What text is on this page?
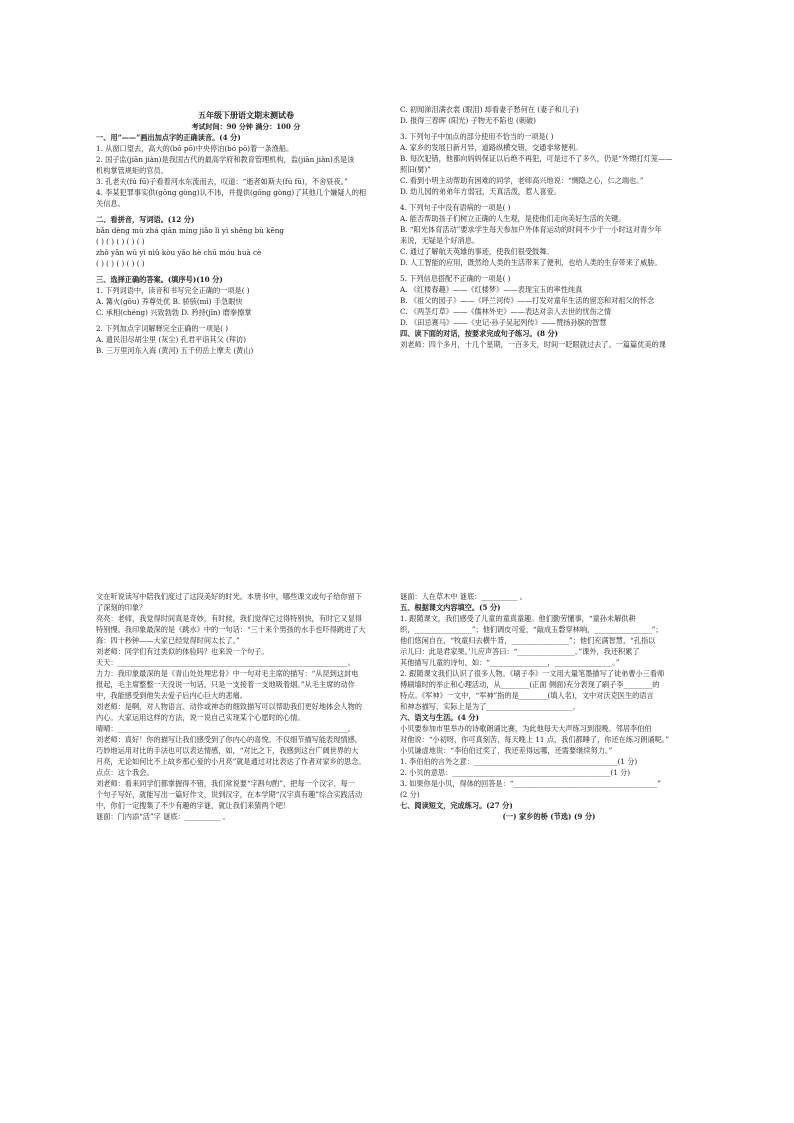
五年级下册语文期末测试卷

考试时间：90 分钟 满分：100 分

一、用“——”画出加点字的正确读音。(4 分)

1. 从窗口望去，高大的(bō pō)中央停泊(bó pō)着一条渔船。

2. 国子监(jiān jiàn)是我国古代的最高学府和教育管理机构，监(jiān jiàn)丞是该

机构掌管规矩的官员。

3. 孔老夫(fú fū)子看着河水东流而去，叹道：“逝者如斯夫(fú fū)，不舍昼夜。”

4. 李某犯罪事实供(gōng gòng)认不讳，并提供(gōng gòng)了其他几个嫌疑人的相

关信息。

二、看拼音，写词语。(12 分)

bǎn dèng mù zhá qiān míng jiǎo lì yì shēng bù kēng

( ) ( ) ( ) ( ) ( )

zhǒ yǎn wǔ yì niǔ kòu yǎo hè chū móu huà cè

( ) ( ) ( ) ( ) ( )

三、选择正确的答案。(填序号)(10 分)

1. 下列词语中，读音和书写完全正确的一项是( )

A. 篝火(gōu) 养尊处优 B. 骄骇(mì) 手急眼快

C. 承相(chéng) 兴致勃勃 D. 矜持(jīn) 磨拳擦掌

2. 下列加点字词解释完全正确的一项是( )

A. 遗民泪尽胡尘里 (灰尘) 孔君平诣其父 (拜访)

B. 三万里河东入海 (黄河) 五千仞岳上摩天 (黄山)

C. 初闻涕泪满衣裳 (眼泪) 却看妻子愁何在 (妻子和儿子)

D. 报得三春晖 (阳光) 子物无不陷也 (刺破)

3. 下列句子中加点的部分使用不恰当的一项是( )

A. 家乡的发展日新月异，道路纵横交错，交通非常便利。

B. 每次犯错，他都向妈妈保证以后绝不再犯，可是过不了多久，仍是“外甥打灯笼——

照旧(舅)”

C. 看到小明主动帮助有困难的同学，老师高兴地说：“恻隐之心，仁之端也。”

D. 幼儿园的弟弟年方弱冠，天真活泼，惹人喜爱。

4. 下列句子中没有语病的一项是( )

A. 能否帮助孩子们树立正确的人生观，是使他们走向美好生活的关键。

B. “阳光体育活动”要求学生每天参加户外体育运动的时间不少于一小时这对青少年

来说，无疑是个好消息。

C. 通过了解航天英雄的事迹，使我们很受鼓舞。

D. 人工智能的应用，既然给人类的生活带来了便利，也给人类的生存带来了威胁。

5. 下列信息搭配不正确的一项是( )

A. 《红楼春趣》——《红楼梦》——表现宝玉的率性纯真

B. 《祖父的园子》——《呼兰河传》——打发对童年生活的留恋和对祖父的怀念

C. 《两茎灯草》——《儒林外史》——表达对亲人去世的忧伤之情

D. 《田忌赛马》——《史记·孙子吴起列传》——赞扬孙膑的智慧

四、读下面的对话，按要求完成句子练习。(8 分)

刘老师：四个多月，十几个星期，一百多天，时间一眨眼就过去了。一篇篇优美的课

文在听说读写中陪我们度过了这段美好的时光。本册书中，哪些课文或句子给你留下

了深刻的印象？

亮亮：老师，我觉得时间真是奇妙，有时候，我们觉得它过得特别快，有时它又显得

特别慢。我印象最深的是《跳水》中的一句话：“三十来个男孩的水手也吓得跳进了大

海：四十秒钟——大家已经觉得时间太长了。”

刘老师：同学们有过类似的体验吗？也来说一个句子。

天天：________________________________________________________________。

力力：我印象最深的是《青山处处埋忠骨》中一句对毛主席的描写：“从昆到这封电

报起，毛主席整整一天没说一句话，只是一支接着一支地吸着烟。”从毛主席的动作

中，我能感受到他失去爱子后内心巨大的悲痛。

刘老师：是啊，对人物语言、动作或神态的细致描写可以帮助我们更好地体会人物的

内心。大家运用这样的方法，说一说自己实现某个心愿时的心情。

晴晴：________________________________________________________________。

刘老师：真好！你的描写让我们感受到了你内心的喜悦。不仅细节描写能表现情感，

巧妙地运用对比的手法也可以表达情感，如，“对比之下，我感到这台广阔世界的大

月亮，无论如何比不上故乡那心爱的小月亮”就是通过对比表达了作者对家乡的思念。

点点：这个我会。

刘老师：看来同学们都掌握得不错，我们常说要“字斟句酌”，把每一个汉字、每一

个句子写好，就能写出一篇好作文，说到汉字，在本学期“汉字真有趣”综合实践活动

中，你们一定搜集了不少有趣的字谜，就让我们来猜两个吧！

谜面：门内添“活”字 谜底：__________ 。

谜面：人在草木中 谜底：__________ 。

五、根据课文内容填空。(5 分)

1. 跟随课文，我们感受了儿童的童真童趣。他们勤劳懂事，“童孙未解供耕

织，________________”；他们调皮可爱，“敲成玉磬穿林响，________________”；

他们悠闲自在，“牧童归去横牛背，________________”；他们充满智慧，“孔指以

示儿曰：此是君家果。’儿应声答曰：“________________。”课外，我还积累了

其他描写儿童的诗句，如：“________________，________________。”

2. 跟随课文我们认识了很多人物。《刷子李》一文用大量笔墨描写了徒弟曹小三看师

傅刷墙时的举止和心理活动，从________(正面 侧面)充分表现了刷子李________的

特点。《军神》一文中，“军神”指的是________(填人名)，文中对沃克医生的语言

和神态描写，实际上是为了________________________。

六、语文与生活。(4 分)

小贝要参加市里举办的诗歌朗诵比赛，为此他每天大声练习到很晚。邻居李伯伯

对他说：“小初呀，你可真刻苦，每天晚上 11 点，我们都睡了，你还在练习朗诵呢。”

小贝谦虚地说：“李伯伯过奖了，我还差得远哪，还需要继续努力。”

1. 李伯伯的言外之意：________________________________________(1 分)

2. 小贝的意思：____________________________________________(1 分)

3. 如果你是小贝，得体的回答是：“________________________________________”

(2 分)

七、阅读短文，完成练习。(27 分)

(一) 家乡的桥 (节选) (9 分)
